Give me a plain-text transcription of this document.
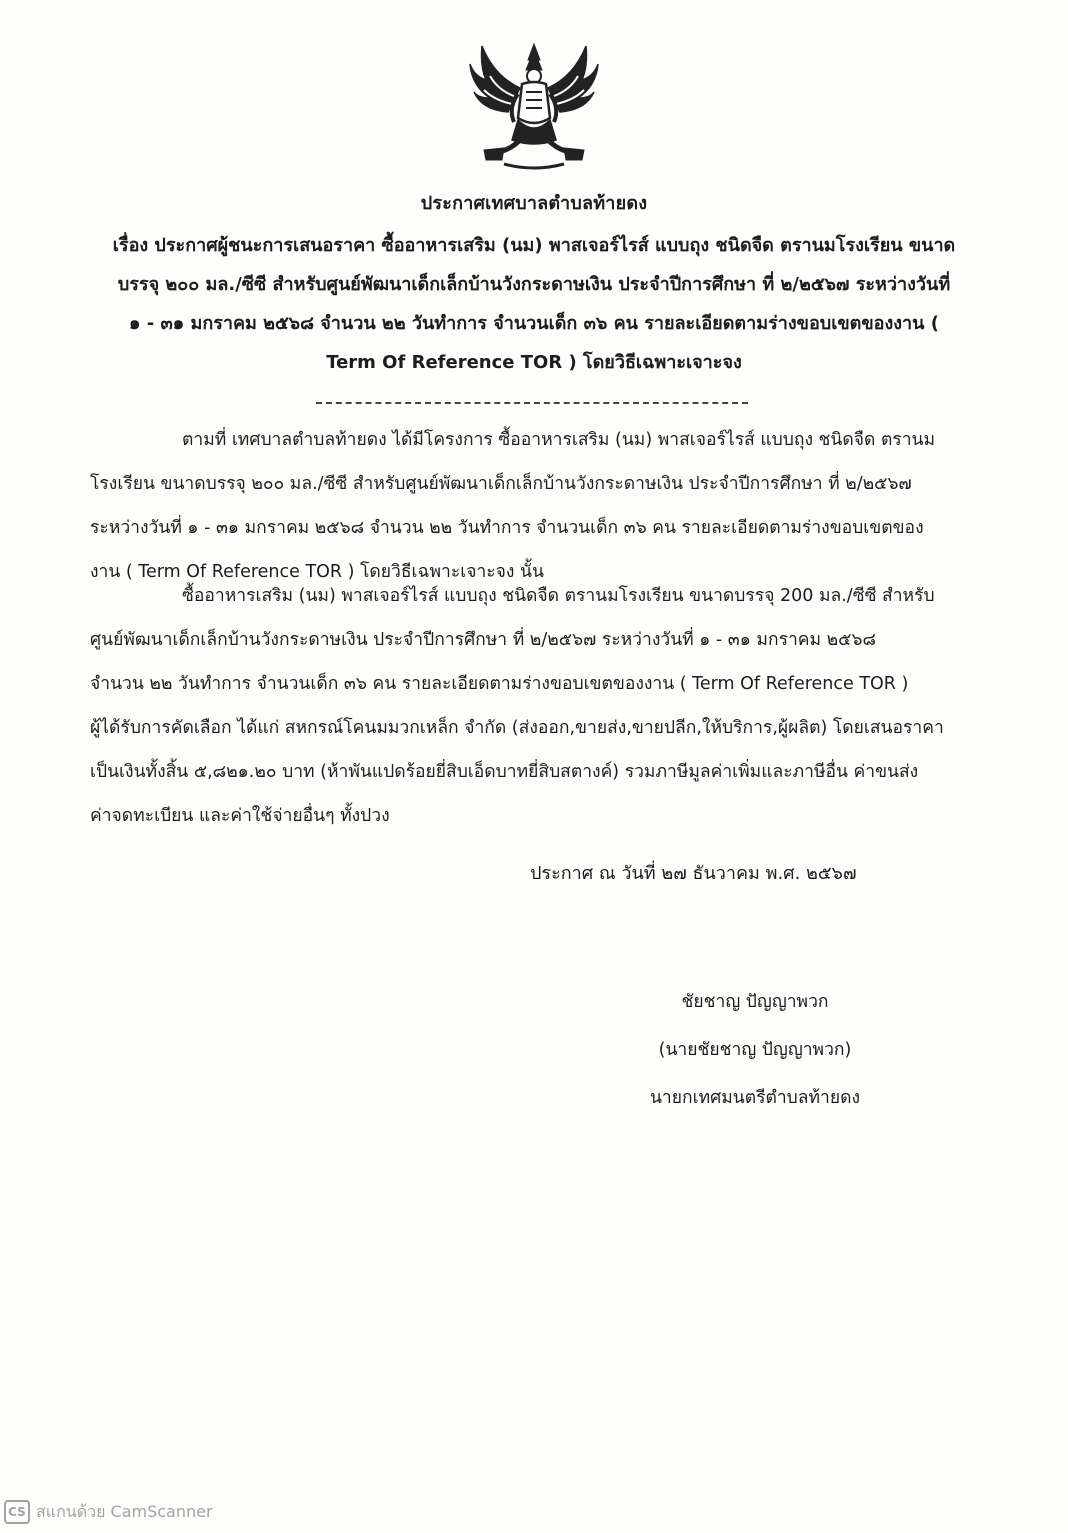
ประกาศเทศบาลตำบลท้ายดง
เรื่อง ประกาศผู้ชนะการเสนอราคา ซื้ออาหารเสริม (นม) พาสเจอร์ไรส์ แบบถุง ชนิดจืด ตรานมโรงเรียน ขนาด
บรรจุ ๒๐๐ มล./ซีซี สำหรับศูนย์พัฒนาเด็กเล็กบ้านวังกระดาษเงิน ประจำปีการศึกษา ที่ ๒/๒๕๖๗ ระหว่างวันที่
๑ - ๓๑ มกราคม ๒๕๖๘ จำนวน ๒๒ วันทำการ จำนวนเด็ก ๓๖ คน รายละเอียดตามร่างขอบเขตของงาน (
Term Of Reference TOR ) โดยวิธีเฉพาะเจาะจง
ตามที่ เทศบาลตำบลท้ายดง ได้มีโครงการ ซื้ออาหารเสริม (นม) พาสเจอร์ไรส์ แบบถุง ชนิดจืด ตรานม
โรงเรียน ขนาดบรรจุ ๒๐๐ มล./ซีซี สำหรับศูนย์พัฒนาเด็กเล็กบ้านวังกระดาษเงิน ประจำปีการศึกษา ที่ ๒/๒๕๖๗
ระหว่างวันที่ ๑ - ๓๑ มกราคม ๒๕๖๘ จำนวน ๒๒ วันทำการ จำนวนเด็ก ๓๖ คน รายละเอียดตามร่างขอบเขตของ
งาน ( Term Of Reference TOR ) โดยวิธีเฉพาะเจาะจง นั้น
ซื้ออาหารเสริม (นม) พาสเจอร์ไรส์ แบบถุง ชนิดจืด ตรานมโรงเรียน ขนาดบรรจุ 200 มล./ซีซี สำหรับ
ศูนย์พัฒนาเด็กเล็กบ้านวังกระดาษเงิน ประจำปีการศึกษา ที่ ๒/๒๕๖๗ ระหว่างวันที่ ๑ - ๓๑ มกราคม ๒๕๖๘
จำนวน ๒๒ วันทำการ จำนวนเด็ก ๓๖ คน รายละเอียดตามร่างขอบเขตของงาน ( Term Of Reference TOR )
ผู้ได้รับการคัดเลือก ได้แก่ สหกรณ์โคนมมวกเหล็ก จำกัด (ส่งออก,ขายส่ง,ขายปลีก,ให้บริการ,ผู้ผลิต) โดยเสนอราคา
เป็นเงินทั้งสิ้น ๕,๘๒๑.๒๐ บาท (ห้าพันแปดร้อยยี่สิบเอ็ดบาทยี่สิบสตางค์) รวมภาษีมูลค่าเพิ่มและภาษีอื่น ค่าขนส่ง
ค่าจดทะเบียน และค่าใช้จ่ายอื่นๆ ทั้งปวง
ประกาศ ณ วันที่ ๒๗ ธันวาคม พ.ศ. ๒๕๖๗
ชัยชาญ ปัญญาพวก
(นายชัยชาญ ปัญญาพวก)
นายกเทศมนตรีตำบลท้ายดง
CS สแกนด้วย CamScanner
